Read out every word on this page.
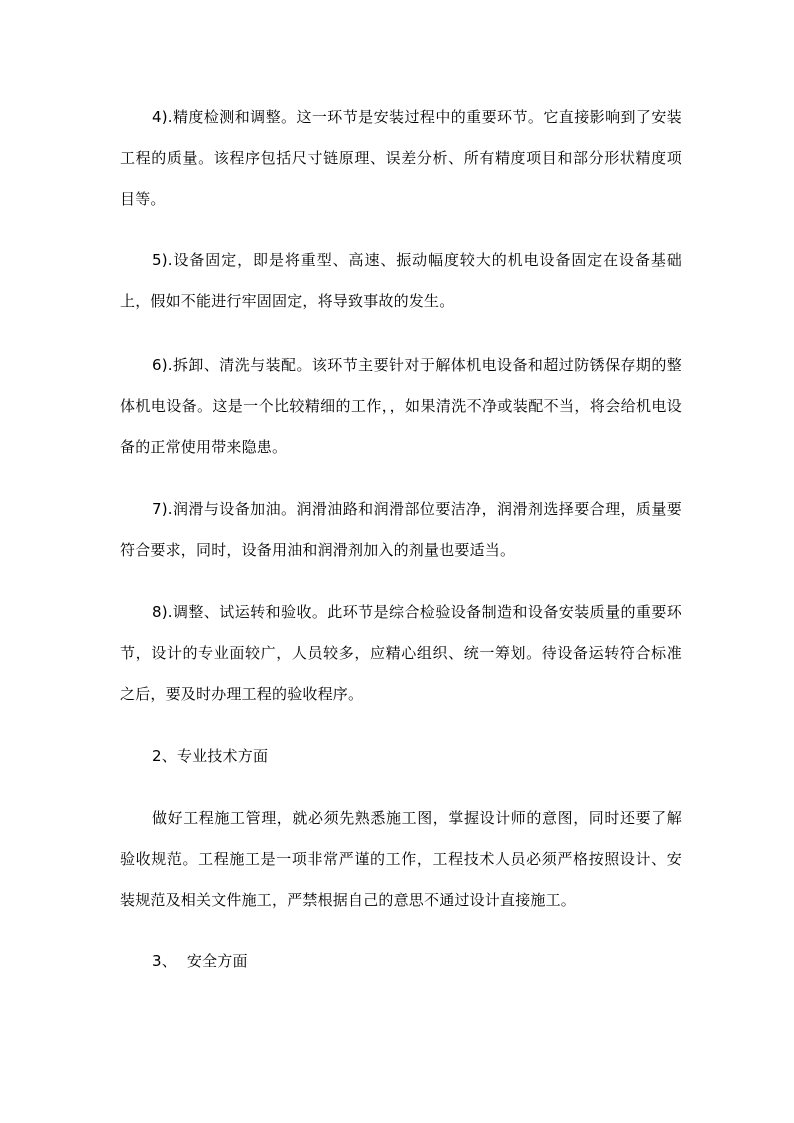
4).精度检测和调整。这一环节是安装过程中的重要环节。它直接影响到了安装工程的质量。该程序包括尺寸链原理、误差分析、所有精度项目和部分形状精度项目等。

5).设备固定，即是将重型、高速、振动幅度较大的机电设备固定在设备基础上，假如不能进行牢固固定，将导致事故的发生。

6).拆卸、清洗与装配。该环节主要针对于解体机电设备和超过防锈保存期的整体机电设备。这是一个比较精细的工作，，如果清洗不净或装配不当，将会给机电设备的正常使用带来隐患。

7).润滑与设备加油。润滑油路和润滑部位要洁净，润滑剂选择要合理，质量要符合要求，同时，设备用油和润滑剂加入的剂量也要适当。

8).调整、试运转和验收。此环节是综合检验设备制造和设备安装质量的重要环节，设计的专业面较广，人员较多，应精心组织、统一筹划。待设备运转符合标准之后，要及时办理工程的验收程序。

2、专业技术方面

做好工程施工管理，就必须先熟悉施工图，掌握设计师的意图，同时还要了解验收规范。工程施工是一项非常严谨的工作，工程技术人员必须严格按照设计、安装规范及相关文件施工，严禁根据自己的意思不通过设计直接施工。

3、  安全方面
